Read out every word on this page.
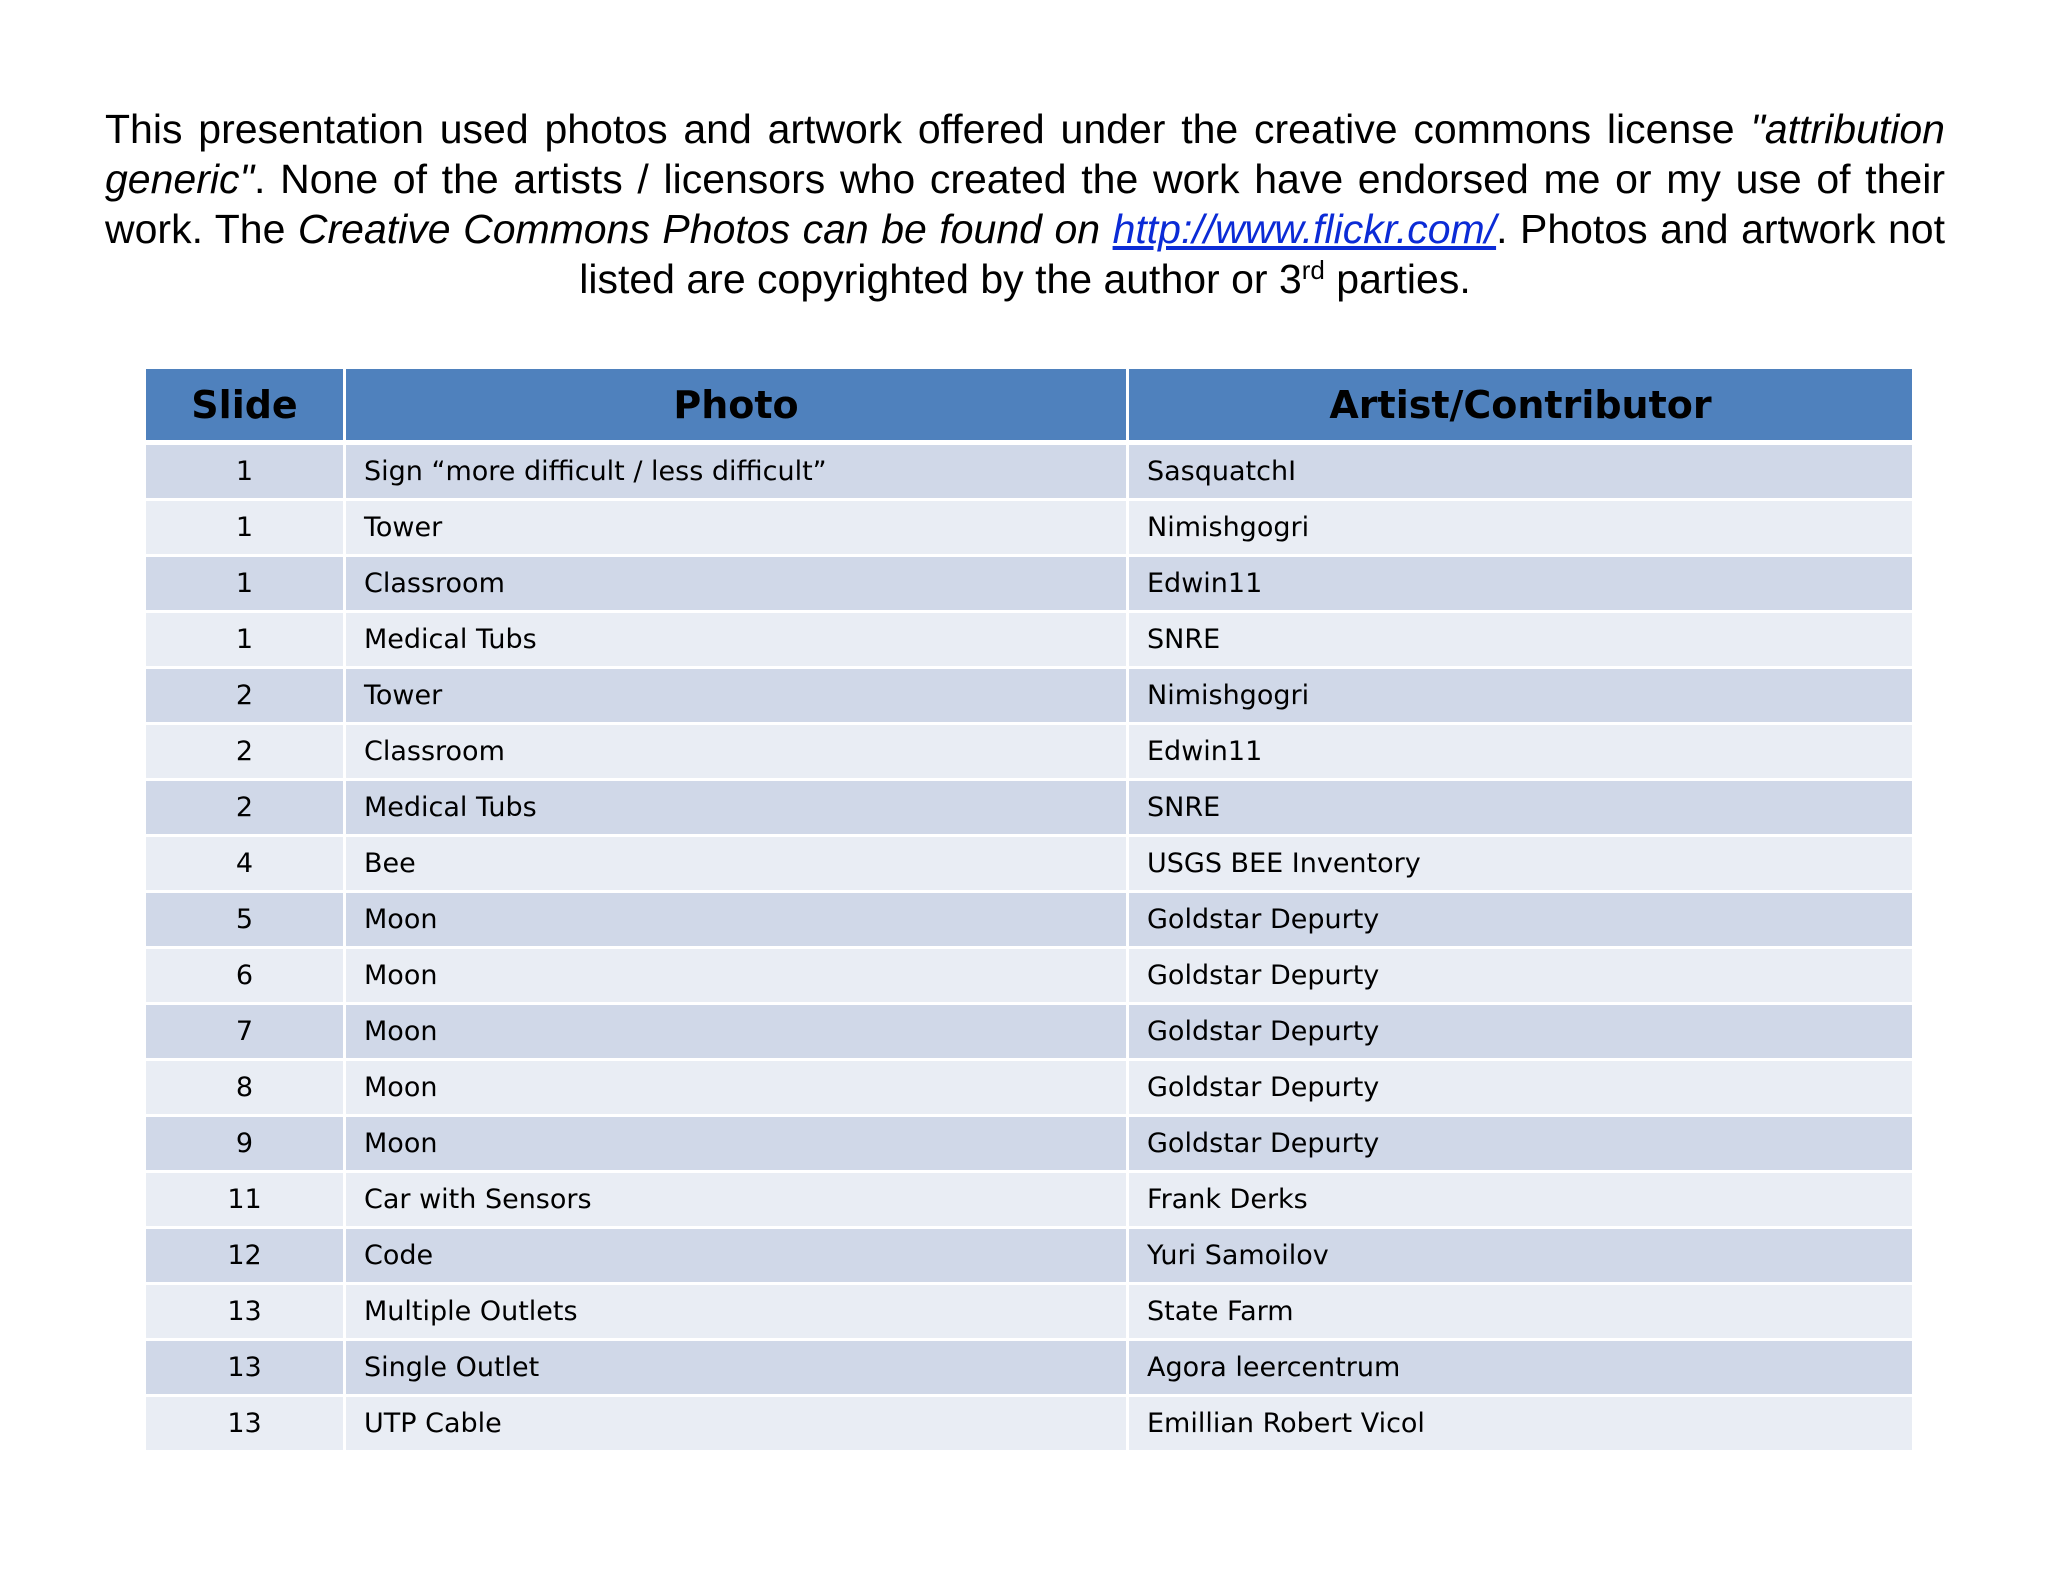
This presentation used photos and artwork offered under the creative commons license "attribution generic". None of the artists / licensors who created the work have endorsed me or my use of their work. The Creative Commons Photos can be found on http://www.flickr.com/. Photos and artwork not listed are copyrighted by the author or 3rd parties.
Slide	Photo	Artist/Contributor
1	Sign “more difficult / less difficult”	SasquatchI
1	Tower	Nimishgogri
1	Classroom	Edwin11
1	Medical Tubs	SNRE
2	Tower	Nimishgogri
2	Classroom	Edwin11
2	Medical Tubs	SNRE
4	Bee	USGS BEE Inventory
5	Moon	Goldstar Depurty
6	Moon	Goldstar Depurty
7	Moon	Goldstar Depurty
8	Moon	Goldstar Depurty
9	Moon	Goldstar Depurty
11	Car with Sensors	Frank Derks
12	Code	Yuri Samoilov
13	Multiple Outlets	State Farm
13	Single Outlet	Agora leercentrum
13	UTP Cable	Emillian Robert Vicol
